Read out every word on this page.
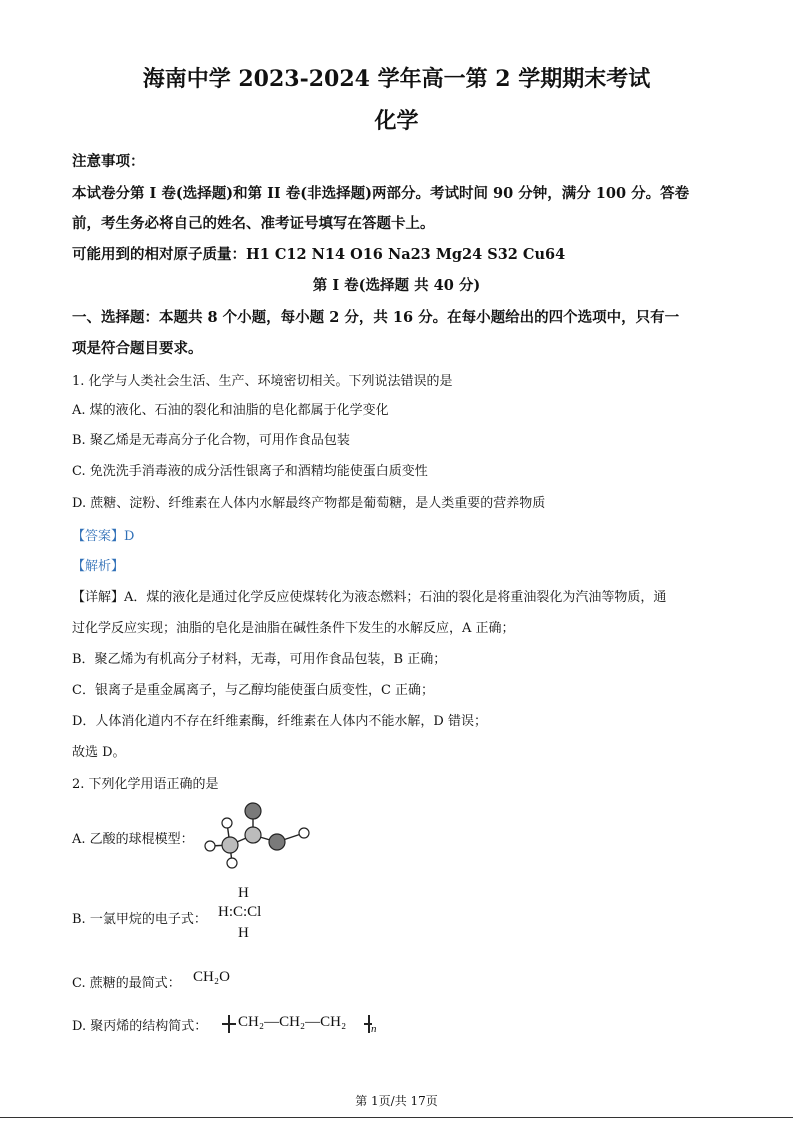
海南中学 2023-2024 学年高一第 2 学期期末考试
化学
注意事项：
本试卷分第 I 卷(选择题)和第 II 卷(非选择题)两部分。考试时间 90 分钟，满分 100 分。答卷
前，考生务必将自己的姓名、准考证号填写在答题卡上。
可能用到的相对原子质量：H1 C12 N14 O16 Na23 Mg24 S32 Cu64
第 I 卷(选择题 共 40 分)
一、选择题：本题共 8 个小题，每小题 2 分，共 16 分。在每小题给出的四个选项中，只有一
项是符合题目要求。
1. 化学与人类社会生活、生产、环境密切相关。下列说法错误的是
A. 煤的液化、石油的裂化和油脂的皂化都属于化学变化
B. 聚乙烯是无毒高分子化合物，可用作食品包装
C. 免洗洗手消毒液的成分活性银离子和酒精均能使蛋白质变性
D. 蔗糖、淀粉、纤维素在人体内水解最终产物都是葡萄糖，是人类重要的营养物质
【答案】D
【解析】
【详解】A．煤的液化是通过化学反应使煤转化为液态燃料；石油的裂化是将重油裂化为汽油等物质，通
过化学反应实现；油脂的皂化是油脂在碱性条件下发生的水解反应，A 正确；
B．聚乙烯为有机高分子材料，无毒，可用作食品包装，B 正确；
C．银离子是重金属离子，与乙醇均能使蛋白质变性，C 正确；
D．人体消化道内不存在纤维素酶，纤维素在人体内不能水解，D 错误；
故选 D。
2. 下列化学用语正确的是
A. 乙酸的球棍模型：
B. 一氯甲烷的电子式：
H
H:C:Cl
H
C. 蔗糖的最简式： CH₂O
D. 聚丙烯的结构简式： CH₂—CH₂—CH₂ n
第 1页/共 17页
